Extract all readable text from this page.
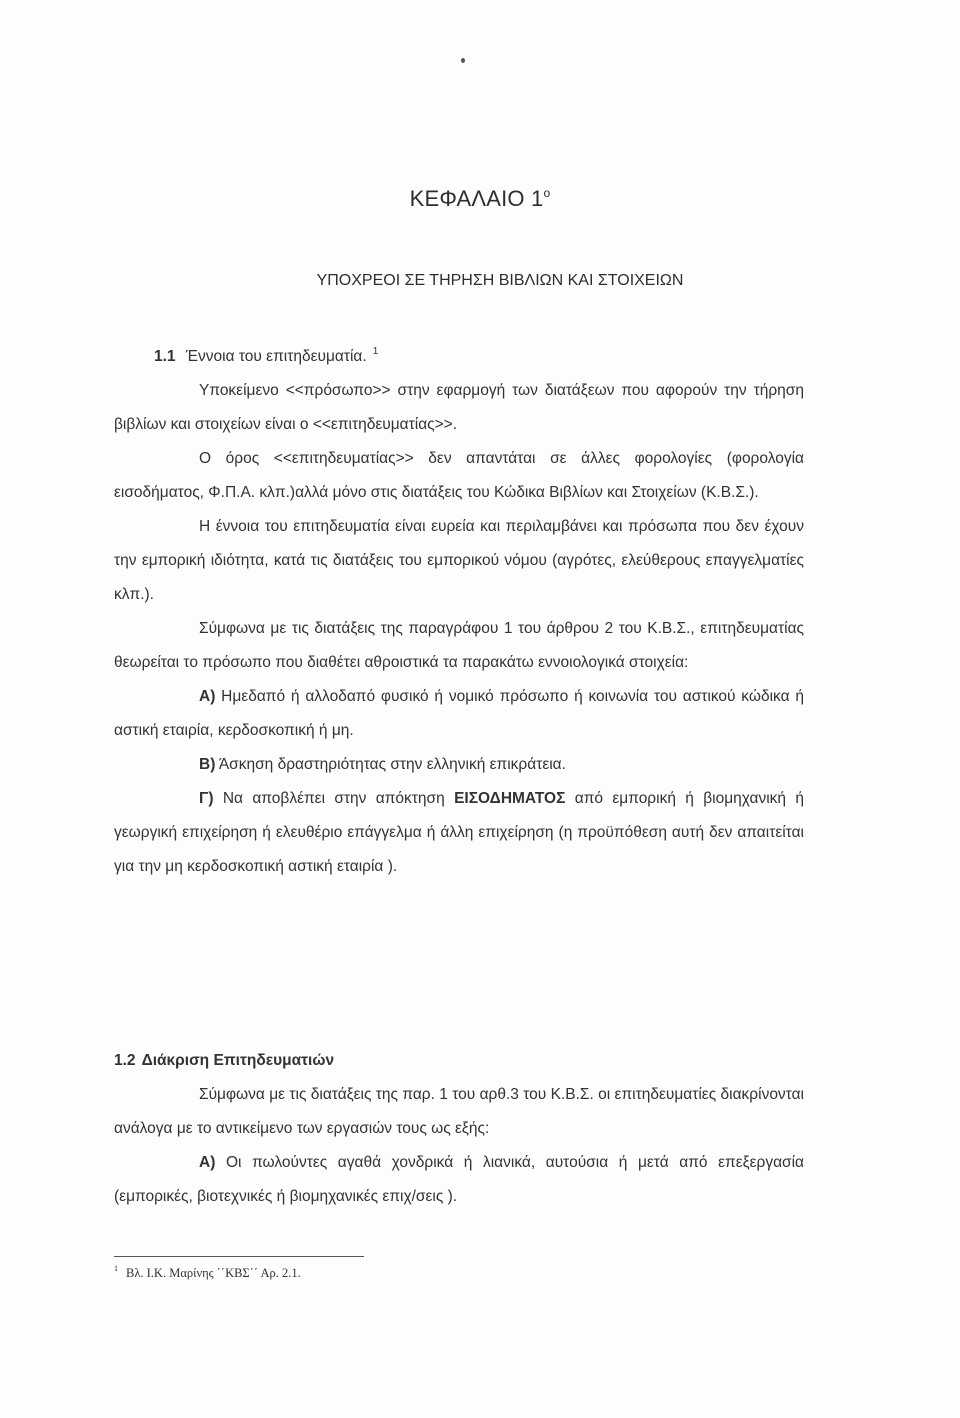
ΚΕΦΑΛΑΙΟ $1^o$
ΥΠΟΧΡΕΟΙ ΣΕ ΤΗΡΗΣΗ ΒΙΒΛΙΩΝ ΚΑΙ ΣΤΟΙΧΕΙΩΝ

1.1 Έννοια του επιτηδευματία. $^1$

Υποκείμενο <<πρόσωπο>> στην εφαρμογή των διατάξεων που αφορούν την τήρηση βιβλίων και στοιχείων είναι ο <<επιτηδευματίας>>.

Ο όρος <<επιτηδευματίας>> δεν απαντάται σε άλλες φορολογίες (φορολογία εισοδήματος, Φ.Π.Α. κλπ.)αλλά μόνο στις διατάξεις του Κώδικα Βιβλίων και Στοιχείων (Κ.Β.Σ.).

Η έννοια του επιτηδευματία είναι ευρεία και περιλαμβάνει και πρόσωπα που δεν έχουν την εμπορική ιδιότητα, κατά τις διατάξεις του εμπορικού νόμου (αγρότες, ελεύθερους επαγγελματίες κλπ.).

Σύμφωνα με τις διατάξεις της παραγράφου 1 του άρθρου 2 του Κ.Β.Σ., επιτηδευματίας θεωρείται το πρόσωπο που διαθέτει αθροιστικά τα παρακάτω εννοιολογικά στοιχεία:

Α) Ημεδαπό ή αλλοδαπό φυσικό ή νομικό πρόσωπο ή κοινωνία του αστικού κώδικα ή αστική εταιρία, κερδοσκοπική ή μη.

Β) Άσκηση δραστηριότητας στην ελληνική επικράτεια.

Γ) Να αποβλέπει στην απόκτηση ΕΙΣΟΔΗΜΑΤΟΣ από εμπορική ή βιομηχανική ή γεωργική επιχείρηση ή ελευθέριο επάγγελμα ή άλλη επιχείρηση (η προϋπόθεση αυτή δεν απαιτείται για την μη κερδοσκοπική αστική εταιρία ).

1.2 Διάκριση Επιτηδευματιών

Σύμφωνα με τις διατάξεις της παρ. 1 του αρθ.3 του Κ.Β.Σ. οι επιτηδευματίες διακρίνονται ανάλογα με το αντικείμενο των εργασιών τους ως εξής:

Α) Οι πωλούντες αγαθά χονδρικά ή λιανικά, αυτούσια ή μετά από επεξεργασία (εμπορικές, βιοτεχνικές ή βιομηχανικές επιχ/σεις ).

$^1$ Βλ. Ι.Κ. Μαρίνης ΄΄ΚΒΣ΄΄ Αρ. 2.1.
